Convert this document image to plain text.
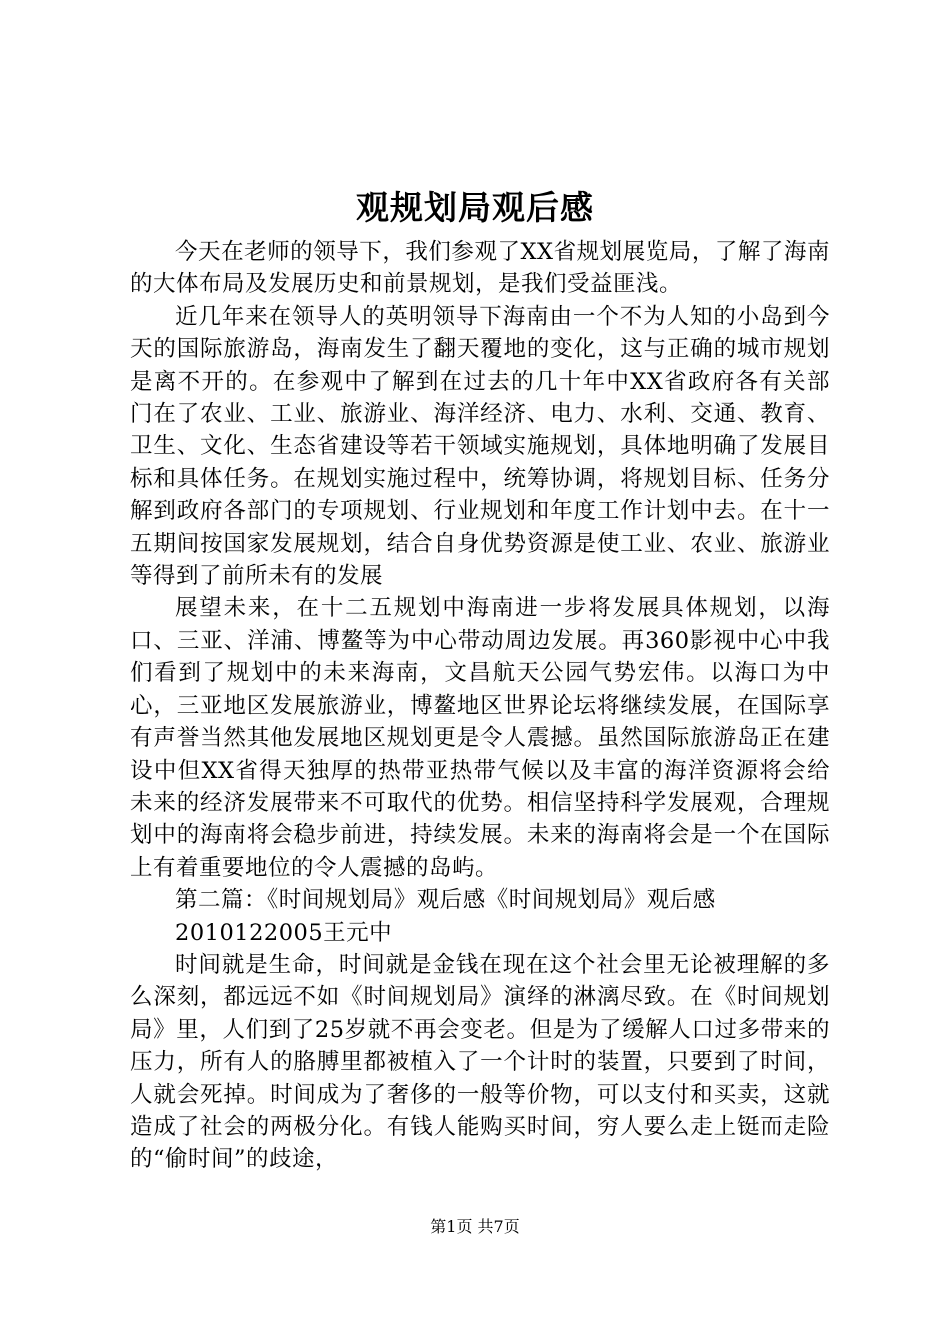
观规划局观后感

今天在老师的领导下，我们参观了XX省规划展览局，了解了海南的大体布局及发展历史和前景规划，是我们受益匪浅。

近几年来在领导人的英明领导下海南由一个不为人知的小岛到今天的国际旅游岛，海南发生了翻天覆地的变化，这与正确的城市规划是离不开的。在参观中了解到在过去的几十年中XX省政府各有关部门在了农业、工业、旅游业、海洋经济、电力、水利、交通、教育、卫生、文化、生态省建设等若干领域实施规划，具体地明确了发展目标和具体任务。在规划实施过程中，统筹协调，将规划目标、任务分解到政府各部门的专项规划、行业规划和年度工作计划中去。在十一五期间按国家发展规划，结合自身优势资源是使工业、农业、旅游业等得到了前所未有的发展

展望未来，在十二五规划中海南进一步将发展具体规划，以海口、三亚、洋浦、博鳌等为中心带动周边发展。再360影视中心中我们看到了规划中的未来海南，文昌航天公园气势宏伟。以海口为中心，三亚地区发展旅游业，博鳌地区世界论坛将继续发展，在国际享有声誉当然其他发展地区规划更是令人震撼。虽然国际旅游岛正在建设中但XX省得天独厚的热带亚热带气候以及丰富的海洋资源将会给未来的经济发展带来不可取代的优势。相信坚持科学发展观，合理规划中的海南将会稳步前进，持续发展。未来的海南将会是一个在国际上有着重要地位的令人震撼的岛屿。

第二篇：《时间规划局》观后感《时间规划局》观后感

2010122005王元中

时间就是生命，时间就是金钱在现在这个社会里无论被理解的多么深刻，都远远不如《时间规划局》演绎的淋漓尽致。在《时间规划局》里，人们到了25岁就不再会变老。但是为了缓解人口过多带来的压力，所有人的胳膊里都被植入了一个计时的装置，只要到了时间，人就会死掉。时间成为了奢侈的一般等价物，可以支付和买卖，这就造成了社会的两极分化。有钱人能购买时间，穷人要么走上铤而走险的“偷时间”的歧途，

第1页 共7页
